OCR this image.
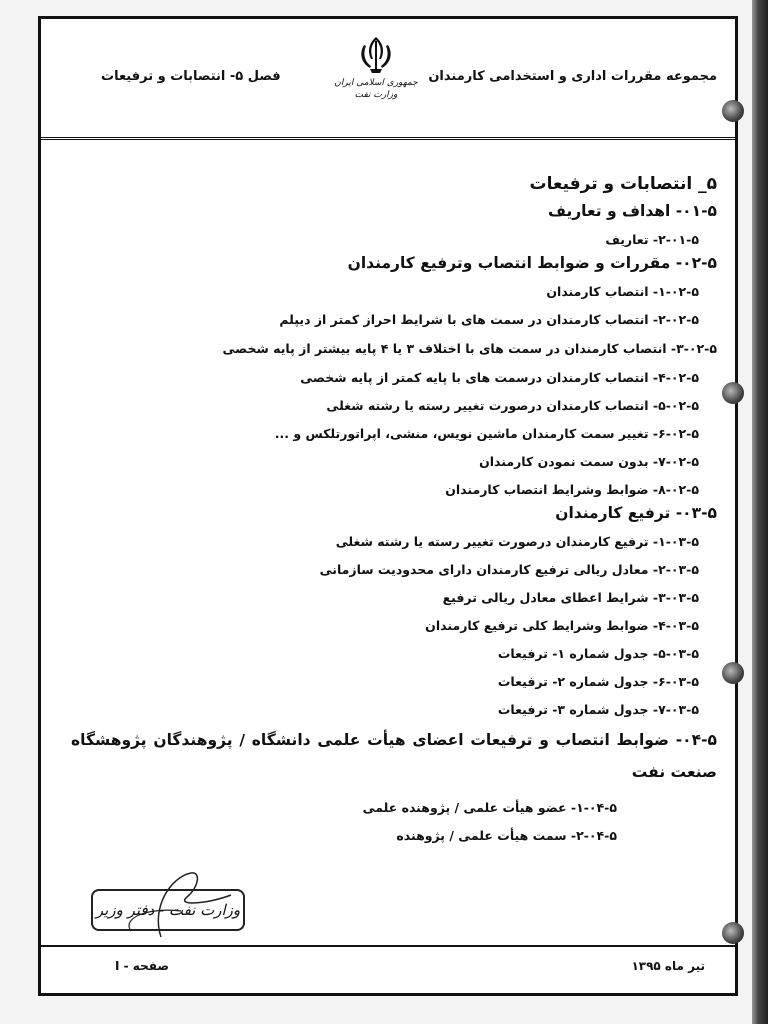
مجموعه مقررات اداری و استخدامی کارمندان
جمهوری اسلامی ایران
وزارت نفت
فصل ۵- انتصابات و ترفیعات
۵_ انتصابات و ترفیعات
۰۱-۵- اهداف و تعاریف
۲-۰۱-۵- تعاریف
۰۲-۵- مقررات و ضوابط انتصاب وترفیع کارمندان
۱-۰۲-۵- انتصاب کارمندان
۲-۰۲-۵- انتصاب کارمندان در سمت های با شرایط احراز کمتر از دیپلم
۳-۰۲-۵- انتصاب کارمندان در سمت های با اختلاف ۳ یا ۴ پایه بیشتر از پایه شخصی
۴-۰۲-۵- انتصاب کارمندان درسمت های با پایه کمتر از پایه شخصی
۵-۰۲-۵- انتصاب کارمندان درصورت تغییر رسته یا رشته شغلی
۶-۰۲-۵- تغییر سمت کارمندان ماشین نویس، منشی، اپراتورتلکس و ...
۷-۰۲-۵- بدون سمت نمودن کارمندان
۸-۰۲-۵- ضوابط وشرایط انتصاب کارمندان
۰۳-۵- ترفیع کارمندان
۱-۰۳-۵- ترفیع کارمندان درصورت تغییر رسته یا رشته شغلی
۲-۰۳-۵- معادل ریالی ترفیع کارمندان دارای محدودیت سازمانی
۳-۰۳-۵- شرایط اعطای معادل ریالی ترفیع
۴-۰۳-۵- ضوابط وشرایط کلی ترفیع کارمندان
۵-۰۳-۵- جدول شماره ۱- ترفیعات
۶-۰۳-۵- جدول شماره ۲- ترفیعات
۷-۰۳-۵- جدول شماره ۳- ترفیعات
۰۴-۵- ضوابط انتصاب و ترفیعات اعضای هیأت علمی دانشگاه / پژوهندگان پژوهشگاه صنعت نفت
۱-۰۴-۵- عضو هیأت علمی / پژوهنده علمی
۲-۰۴-۵- سمت هیأت علمی / پژوهنده
وزارت نفت - دفتر وزیر
تیر ماه ۱۳۹۵
صفحه - I
